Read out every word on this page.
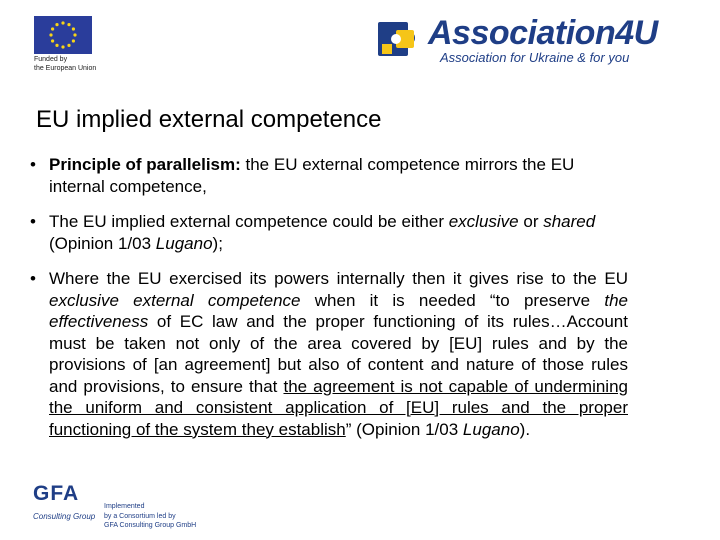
Funded by
the European Union
Association4U
Association for Ukraine & for you
EU implied external competence
• Principle of parallelism: the EU external competence mirrors the EU internal competence,
• The EU implied external competence could be either exclusive or shared (Opinion 1/03 Lugano);
• Where the EU exercised its powers internally then it gives rise to the EU exclusive external competence when it is needed “to preserve the effectiveness of EC law and the proper functioning of its rules…Account must be taken not only of the area covered by [EU] rules and by the provisions of [an agreement] but also of content and nature of those rules and provisions, to ensure that the agreement is not capable of undermining the uniform and consistent application of [EU] rules and the proper functioning of the system they establish” (Opinion 1/03 Lugano).
GFA
Consulting Group
Implemented
by a Consortium led by
GFA Consulting Group GmbH
